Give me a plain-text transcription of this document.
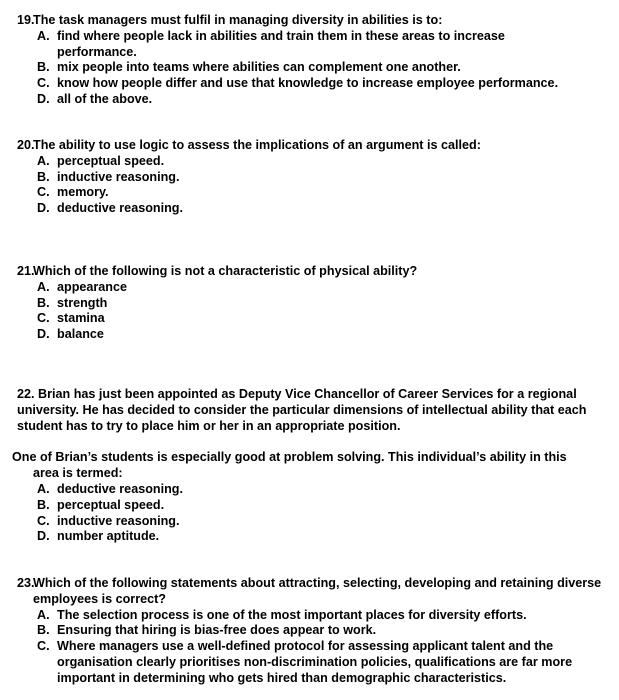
19.
The task managers must fulfil in managing diversity in abilities is to:
A. find where people lack in abilities and train them in these areas to increase performance.
B. mix people into teams where abilities can complement one another.
C. know how people differ and use that knowledge to increase employee performance.
D. all of the above.
20.
The ability to use logic to assess the implications of an argument is called:
A. perceptual speed.
B. inductive reasoning.
C. memory.
D. deductive reasoning.
21.
Which of the following is not a characteristic of physical ability?
A. appearance
B. strength
C. stamina
D. balance
22. Brian has just been appointed as Deputy Vice Chancellor of Career Services for a regional university. He has decided to consider the particular dimensions of intellectual ability that each student has to try to place him or her in an appropriate position.
One of Brian’s students is especially good at problem solving. This individual’s ability in this area is termed:
A. deductive reasoning.
B. perceptual speed.
C. inductive reasoning.
D. number aptitude.
23.
Which of the following statements about attracting, selecting, developing and retaining diverse employees is correct?
A. The selection process is one of the most important places for diversity efforts.
B. Ensuring that hiring is bias-free does appear to work.
C. Where managers use a well-defined protocol for assessing applicant talent and the organisation clearly prioritises non-discrimination policies, qualifications are far more important in determining who gets hired than demographic characteristics.
